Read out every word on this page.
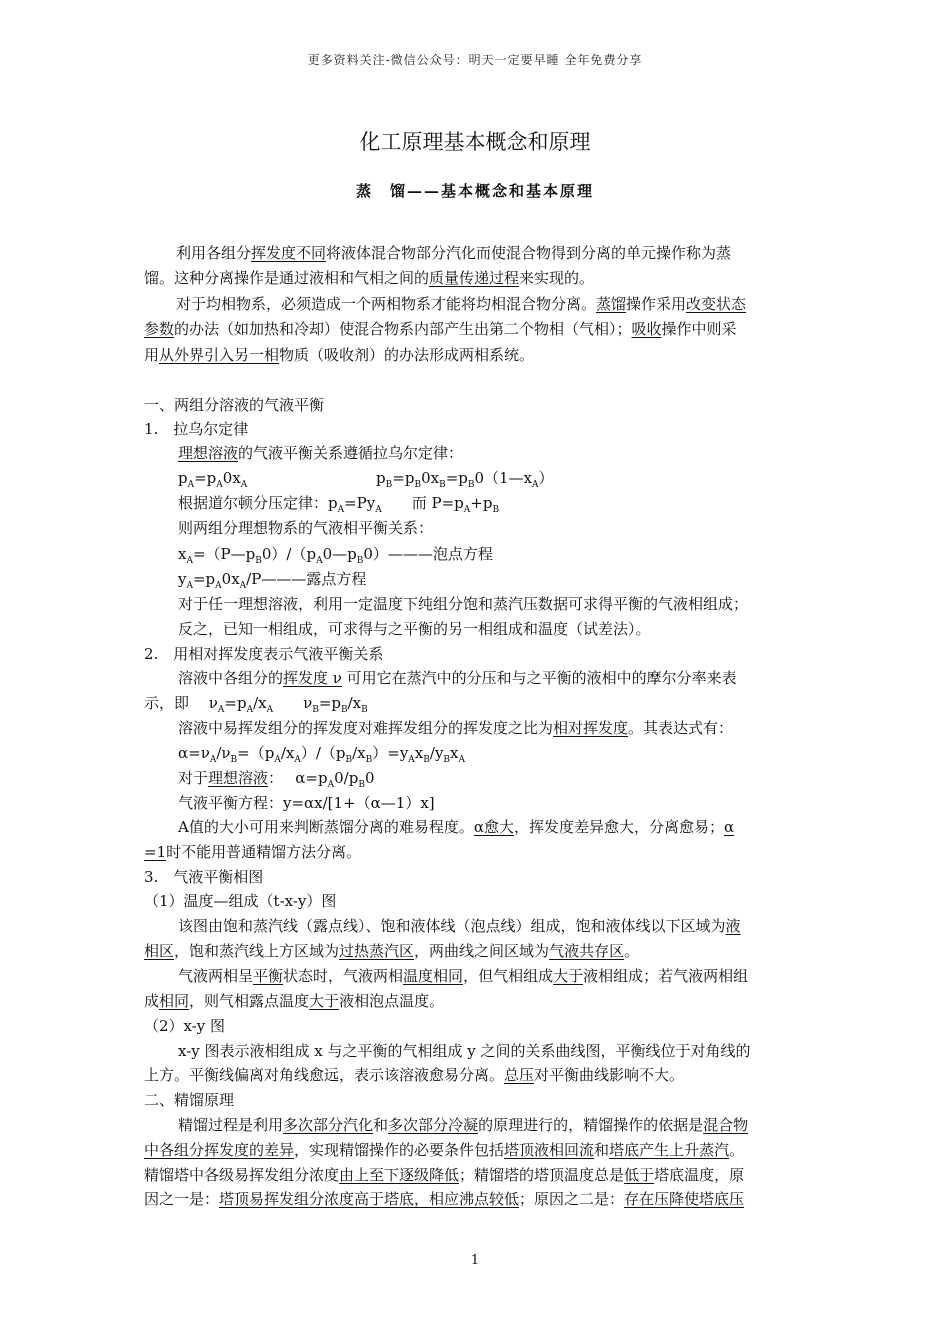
更多资料关注-微信公众号：明天一定要早睡 全年免费分享
化工原理基本概念和原理
蒸　馏——基本概念和基本原理
利用各组分挥发度不同将液体混合物部分汽化而使混合物得到分离的单元操作称为蒸
馏。这种分离操作是通过液相和气相之间的质量传递过程来实现的。
对于均相物系，必须造成一个两相物系才能将均相混合物分离。蒸馏操作采用改变状态
参数的办法（如加热和冷却）使混合物系内部产生出第二个物相（气相）；吸收操作中则采
用从外界引入另一相物质（吸收剂）的办法形成两相系统。
一、两组分溶液的气液平衡
1.　拉乌尔定律
理想溶液的气液平衡关系遵循拉乌尔定律：
$p_A=p_A0x_A$                           $p_B=p_B0x_B=p_B0(1—x_A)$
根据道尔顿分压定律：$p_A=Py_A$　　而 $P=p_A+p_B$
则两组分理想物系的气液相平衡关系：
$x_A=(P—p_B0)/(p_A0—p_B0)———$泡点方程
$y_A=p_A0x_A/P———$露点方程
对于任一理想溶液，利用一定温度下纯组分饱和蒸汽压数据可求得平衡的气液相组成；
反之，已知一相组成，可求得与之平衡的另一相组成和温度（试差法）。
2.　用相对挥发度表示气液平衡关系
溶液中各组分的挥发度 ν 可用它在蒸汽中的分压和与之平衡的液相中的摩尔分率来表
示，即　 $\nu_A=p_A/x_A$　　$\nu_B=p_B/x_B$
溶液中易挥发组分的挥发度对难挥发组分的挥发度之比为相对挥发度。其表达式有：
$\alpha=\nu_A/\nu_B=(p_A/x_A)/(p_B/x_B)=y_Ax_B/y_Bx_A$
对于理想溶液：　 $\alpha=p_A0/p_B0$
气液平衡方程：y=αx/[1+（α—1）x]
Α值的大小可用来判断蒸馏分离的难易程度。α愈大，挥发度差异愈大，分离愈易；α
=1时不能用普通精馏方法分离。
3.　气液平衡相图
（1）温度—组成（t-x-y）图
该图由饱和蒸汽线（露点线）、饱和液体线（泡点线）组成，饱和液体线以下区域为液
相区，饱和蒸汽线上方区域为过热蒸汽区，两曲线之间区域为气液共存区。
气液两相呈平衡状态时，气液两相温度相同，但气相组成大于液相组成；若气液两相组
成相同，则气相露点温度大于液相泡点温度。
（2）x-y 图
x-y 图表示液相组成 x 与之平衡的气相组成 y 之间的关系曲线图，平衡线位于对角线的
上方。平衡线偏离对角线愈远，表示该溶液愈易分离。总压对平衡曲线影响不大。
二、精馏原理
精馏过程是利用多次部分汽化和多次部分冷凝的原理进行的，精馏操作的依据是混合物
中各组分挥发度的差异，实现精馏操作的必要条件包括塔顶液相回流和塔底产生上升蒸汽。
精馏塔中各级易挥发组分浓度由上至下逐级降低；精馏塔的塔顶温度总是低于塔底温度，原
因之一是：塔顶易挥发组分浓度高于塔底，相应沸点较低；原因之二是：存在压降使塔底压
1
